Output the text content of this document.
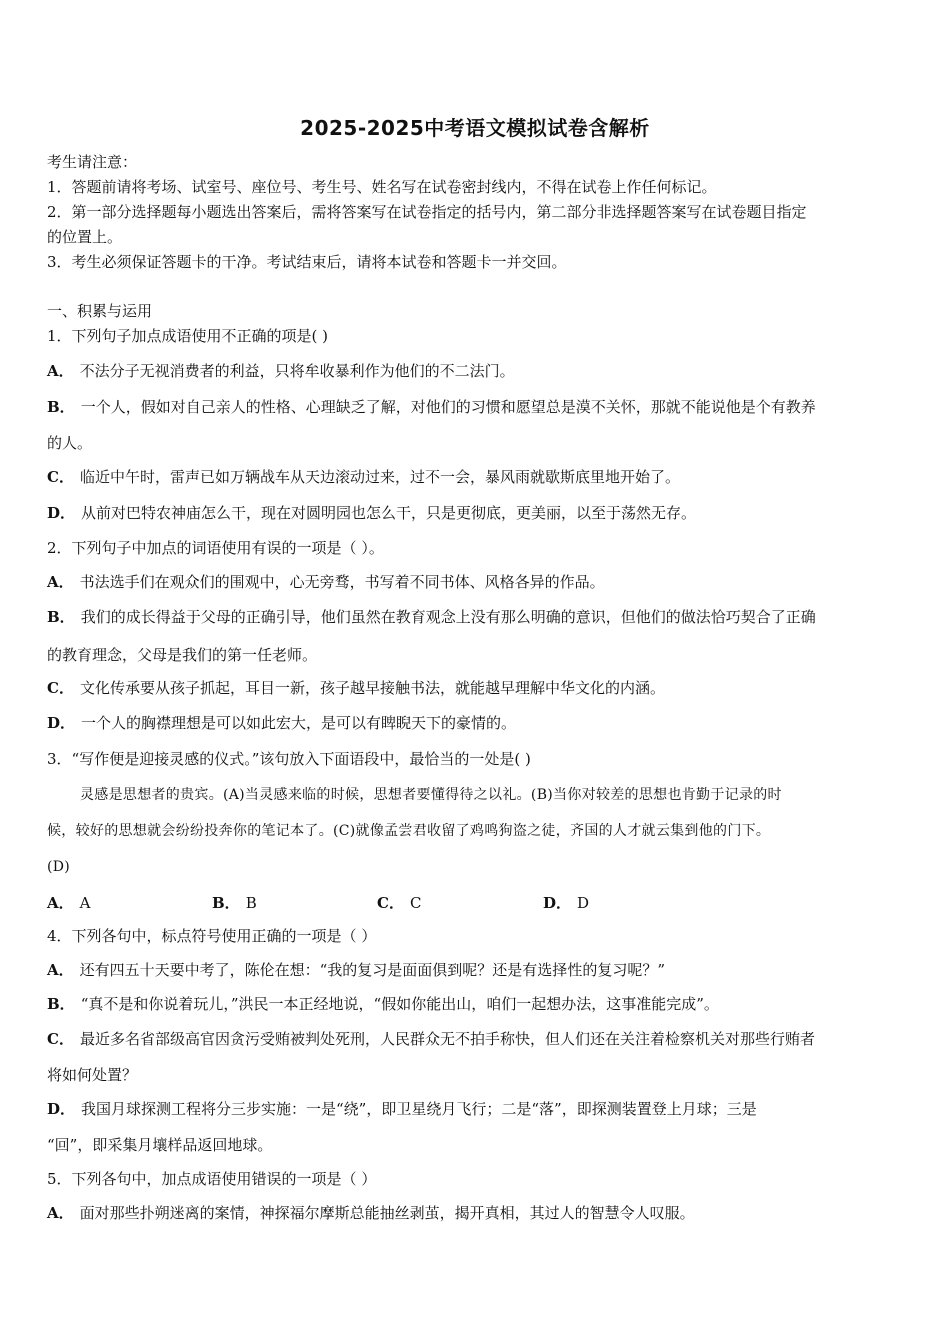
2025-2025中考语文模拟试卷含解析
考生请注意：
1．答题前请将考场、试室号、座位号、考生号、姓名写在试卷密封线内，不得在试卷上作任何标记。
2．第一部分选择题每小题选出答案后，需将答案写在试卷指定的括号内，第二部分非选择题答案写在试卷题目指定
的位置上。
3．考生必须保证答题卡的干净。考试结束后，请将本试卷和答题卡一并交回。
一、积累与运用
1．下列句子加点成语使用不正确的项是( )
A． 不法分子无视消费者的利益，只将牟收暴利作为他们的不二法门。
B． 一个人，假如对自己亲人的性格、心理缺乏了解，对他们的习惯和愿望总是漠不关怀，那就不能说他是个有教养
的人。
C． 临近中午时，雷声已如万辆战车从天边滚动过来，过不一会，暴风雨就歇斯底里地开始了。
D． 从前对巴特农神庙怎么干，现在对圆明园也怎么干，只是更彻底，更美丽，以至于荡然无存。
2．下列句子中加点的词语使用有误的一项是（ ）。
A． 书法选手们在观众们的围观中，心无旁骛，书写着不同书体、风格各异的作品。
B． 我们的成长得益于父母的正确引导，他们虽然在教育观念上没有那么明确的意识，但他们的做法恰巧契合了正确
的教育理念，父母是我们的第一任老师。
C． 文化传承要从孩子抓起，耳目一新，孩子越早接触书法，就能越早理解中华文化的内涵。
D． 一个人的胸襟理想是可以如此宏大，是可以有睥睨天下的豪情的。
3．“写作便是迎接灵感的仪式。”该句放入下面语段中，最恰当的一处是( )
灵感是思想者的贵宾。(A)当灵感来临的时候，思想者要懂得待之以礼。(B)当你对较差的思想也肯勤于记录的时
候，较好的思想就会纷纷投奔你的笔记本了。(C)就像孟尝君收留了鸡鸣狗盗之徒，齐国的人才就云集到他的门下。
(D)
A． A	B． B	C． C	D． D
4．下列各句中，标点符号使用正确的一项是（ ）
A． 还有四五十天要中考了，陈伦在想：“我的复习是面面俱到呢？还是有选择性的复习呢？”
B． “真不是和你说着玩儿，”洪民一本正经地说，“假如你能出山，咱们一起想办法，这事准能完成”。
C． 最近多名省部级高官因贪污受贿被判处死刑，人民群众无不拍手称快，但人们还在关注着检察机关对那些行贿者
将如何处置？
D． 我国月球探测工程将分三步实施：一是“绕”，即卫星绕月飞行；二是“落”，即探测装置登上月球；三是
“回”，即采集月壤样品返回地球。
5．下列各句中，加点成语使用错误的一项是（ ）
A． 面对那些扑朔迷离的案情，神探福尔摩斯总能抽丝剥茧，揭开真相，其过人的智慧令人叹服。
